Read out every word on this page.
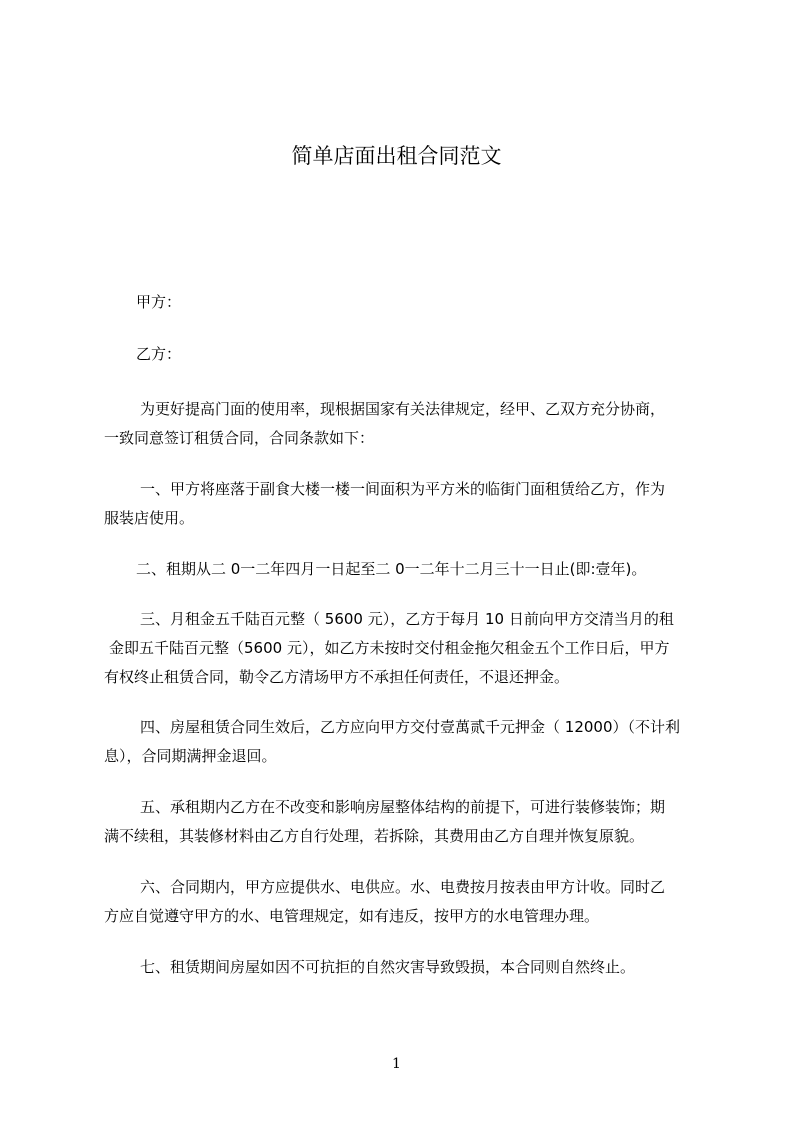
简单店面出租合同范文

甲方：

乙方：

为更好提高门面的使用率，现根据国家有关法律规定，经甲、乙双方充分协商，
一致同意签订租赁合同，合同条款如下：

一、甲方将座落于副食大楼一楼一间面积为平方米的临街门面租赁给乙方，作为
服装店使用。

二、租期从二 0一二年四月一日起至二 0一二年十二月三十一日止(即:壹年)。

三、月租金五千陆百元整（ 5600 元），乙方于每月 10 日前向甲方交清当月的租
金即五千陆百元整（5600 元），如乙方未按时交付租金拖欠租金五个工作日后，甲方
有权终止租赁合同，勒令乙方清场甲方不承担任何责任，不退还押金。

四、房屋租赁合同生效后，乙方应向甲方交付壹萬贰千元押金（ 12000）（不计利
息），合同期满押金退回。

五、承租期内乙方在不改变和影响房屋整体结构的前提下，可进行装修装饰；期
满不续租，其装修材料由乙方自行处理，若拆除，其费用由乙方自理并恢复原貌。

六、合同期内，甲方应提供水、电供应。水、电费按月按表由甲方计收。同时乙
方应自觉遵守甲方的水、电管理规定，如有违反，按甲方的水电管理办理。

七、租赁期间房屋如因不可抗拒的自然灾害导致毁损，本合同则自然终止。

1
